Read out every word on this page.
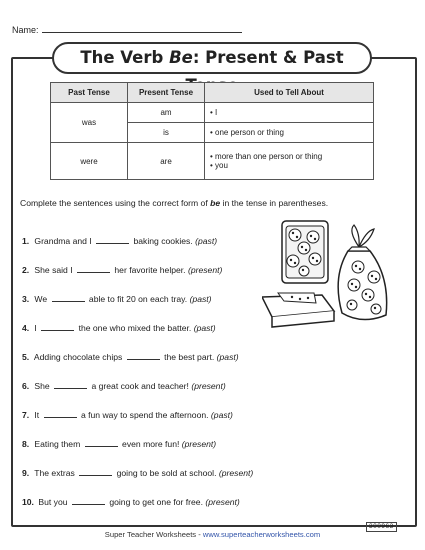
Name:
The Verb Be: Present & Past
Past Tense	Present Tense	Used to Tell About
was	am	• I
	is	• one person or thing
were	are	• more than one person or thing
• you
Complete the sentences using the correct form of be in the tense in parentheses.
1. Grandma and I	baking cookies. (past)
2. She said I	her favorite helper. (present)
3. We	able to fit 20 on each tray. (past)
4. I	the one who mixed the batter. (past)
5. Adding chocolate chips	the best part. (past)
6. She	a great cook and teacher! (present)
7. It	a fun way to spend the afternoon. (past)
8. Eating them	even more fun! (present)
9. The extras	going to be sold at school. (present)
10. But you	going to get one for free. (present)
Super Teacher Worksheets - www.superteacherworksheets.com
300963
